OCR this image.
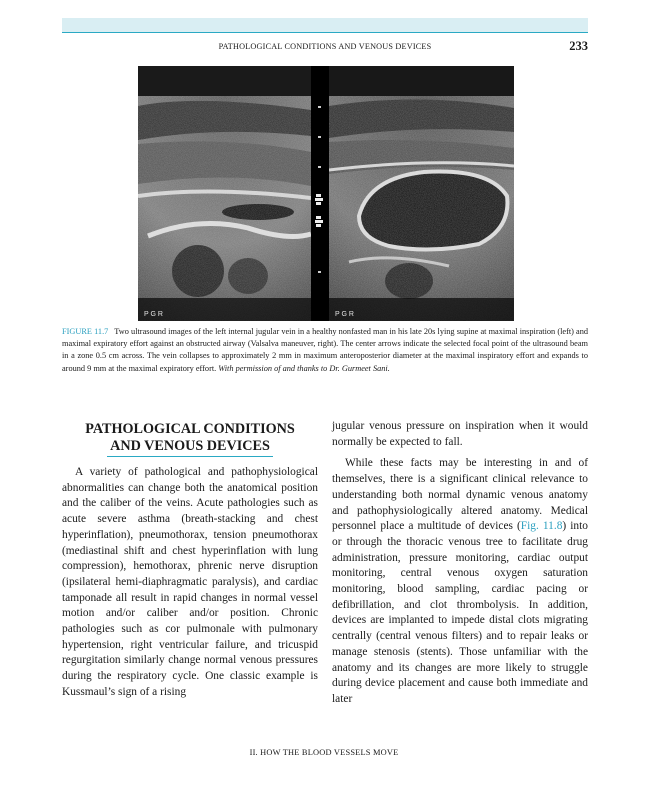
PATHOLOGICAL CONDITIONS AND VENOUS DEVICES	233
P G R	P G R
FIGURE 11.7 Two ultrasound images of the left internal jugular vein in a healthy nonfasted man in his late 20s lying supine at maximal inspiration (left) and maximal expiratory effort against an obstructed airway (Valsalva maneuver, right). The center arrows indicate the selected focal point of the ultrasound beam in a zone 0.5 cm across. The vein collapses to approximately 2 mm in maximum anteroposterior diameter at the maximal inspiratory effort and expands to around 9 mm at the maximal expiratory effort. With permission of and thanks to Dr. Gurmeet Sani.
PATHOLOGICAL CONDITIONS
AND VENOUS DEVICES

A variety of pathological and pathophysiological abnormalities can change both the anatomical position and the caliber of the veins. Acute pathologies such as acute severe asthma (breath-stacking and chest hyperinflation), pneumothorax, tension pneumothorax (mediastinal shift and chest hyperinflation with lung compression), hemothorax, phrenic nerve disruption (ipsilateral hemi-diaphragmatic paralysis), and cardiac tamponade all result in rapid changes in normal vessel motion and/or caliber and/or position. Chronic pathologies such as cor pulmonale with pulmonary hypertension, right ventricular failure, and tricuspid regurgitation similarly change normal venous pressures during the respiratory cycle. One classic example is Kussmaul’s sign of a rising

jugular venous pressure on inspiration when it would normally be expected to fall.

While these facts may be interesting in and of themselves, there is a significant clinical relevance to understanding both normal dynamic venous anatomy and pathophysiologically altered anatomy. Medical personnel place a multitude of devices (Fig. 11.8) into or through the thoracic venous tree to facilitate drug administration, pressure monitoring, cardiac output monitoring, central venous oxygen saturation monitoring, blood sampling, cardiac pacing or defibrillation, and clot thrombolysis. In addition, devices are implanted to impede distal clots migrating centrally (central venous filters) and to repair leaks or manage stenosis (stents). Those unfamiliar with the anatomy and its changes are more likely to struggle during device placement and cause both immediate and later

II. HOW THE BLOOD VESSELS MOVE
